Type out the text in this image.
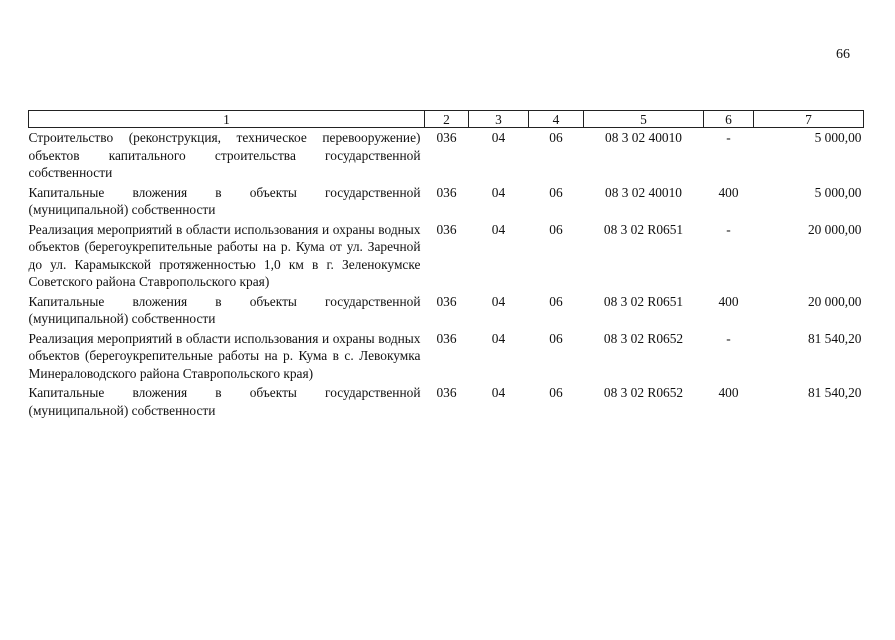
66
1	2	3	4	5	6	7
Строительство (реконструкция, техническое перевооружение) объектов капитального строительства государственной собственности	036	04	06	08 3 02 40010	-	5 000,00
Капитальные вложения в объекты государственной (муниципальной) собственности	036	04	06	08 3 02 40010	400	5 000,00
Реализация мероприятий в области использования и охраны водных объектов (берегоукрепительные работы на р. Кума от ул. Заречной до ул. Карамыкской протяженностью 1,0 км в г. Зеленокумске Советского района Ставропольского края)	036	04	06	08 3 02 R0651	-	20 000,00
Капитальные вложения в объекты государственной (муниципальной) собственности	036	04	06	08 3 02 R0651	400	20 000,00
Реализация мероприятий в области использования и охраны водных объектов (берегоукрепительные работы на р. Кума в с. Левокумка Минераловодского района Ставропольского края)	036	04	06	08 3 02 R0652	-	81 540,20
Капитальные вложения в объекты государственной (муниципальной) собственности	036	04	06	08 3 02 R0652	400	81 540,20
